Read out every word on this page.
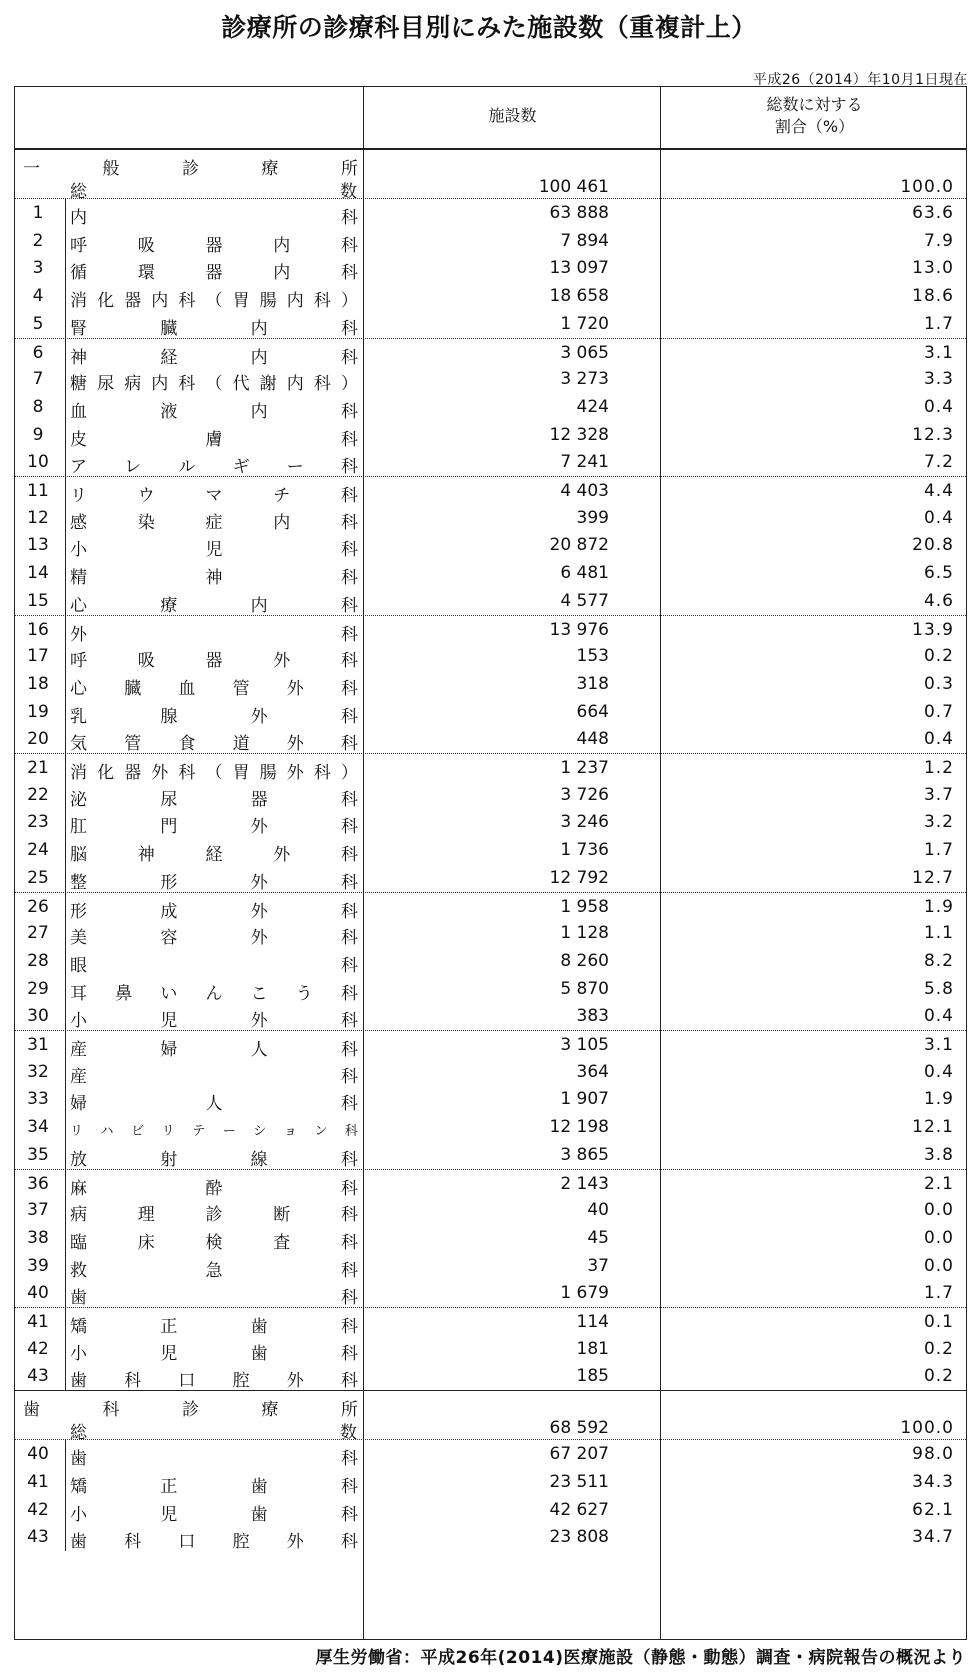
診療所の診療科目別にみた施設数（重複計上）
平成26（2014）年10月1日現在
施設数
総数に対する
割合（%）
一	般	診	療	所
総	数	100 461	100.0
1	内	科	63 888	63.6
2	呼	吸	器	内	科	7 894	7.9
3	循	環	器	内	科	13 097	13.0
4	消 化 器 内 科 （ 胃 腸 内 科 ）	18 658	18.6
5	腎	臓	内	科	1 720	1.7
6	神	経	内	科	3 065	3.1
7	糖 尿 病 内 科 （ 代 謝 内 科 ）	3 273	3.3
8	血	液	内	科	424	0.4
9	皮	膚	科	12 328	12.3
10	ア レ ル ギ ー 科	7 241	7.2
11	リ	ウ	マ	チ	科	4 403	4.4
12	感	染	症	内	科	399	0.4
13	小	児	科	20 872	20.8
14	精	神	科	6 481	6.5
15	心	療	内	科	4 577	4.6
16	外	科	13 976	13.9
17	呼	吸	器	外	科	153	0.2
18	心 臓 血 管 外 科	318	0.3
19	乳	腺	外	科	664	0.7
20	気 管 食 道 外 科	448	0.4
21	消 化 器 外 科 （ 胃 腸 外 科 ）	1 237	1.2
22	泌	尿	器	科	3 726	3.7
23	肛	門	外	科	3 246	3.2
24	脳	神	経	外	科	1 736	1.7
25	整	形	外	科	12 792	12.7
26	形	成	外	科	1 958	1.9
27	美	容	外	科	1 128	1.1
28	眼	科	8 260	8.2
29	耳 鼻 い ん こ う 科	5 870	5.8
30	小	児	外	科	383	0.4
31	産	婦	人	科	3 105	3.1
32	産	科	364	0.4
33	婦	人	科	1 907	1.9
34	リ ハ ビ リ テ ー シ ョ ン 科	12 198	12.1
35	放	射	線	科	3 865	3.8
36	麻	酔	科	2 143	2.1
37	病	理	診	断	科	40	0.0
38	臨	床	検	査	科	45	0.0
39	救	急	科	37	0.0
40	歯	科	1 679	1.7
41	矯	正	歯	科	114	0.1
42	小	児	歯	科	181	0.2
43	歯 科 口 腔 外 科	185	0.2
歯	科	診	療	所
総	数	68 592	100.0
40	歯	科	67 207	98.0
41	矯	正	歯	科	23 511	34.3
42	小	児	歯	科	42 627	62.1
43	歯 科 口 腔 外 科	23 808	34.7
厚生労働省：平成26年(2014)医療施設（静態・動態）調査・病院報告の概況より
